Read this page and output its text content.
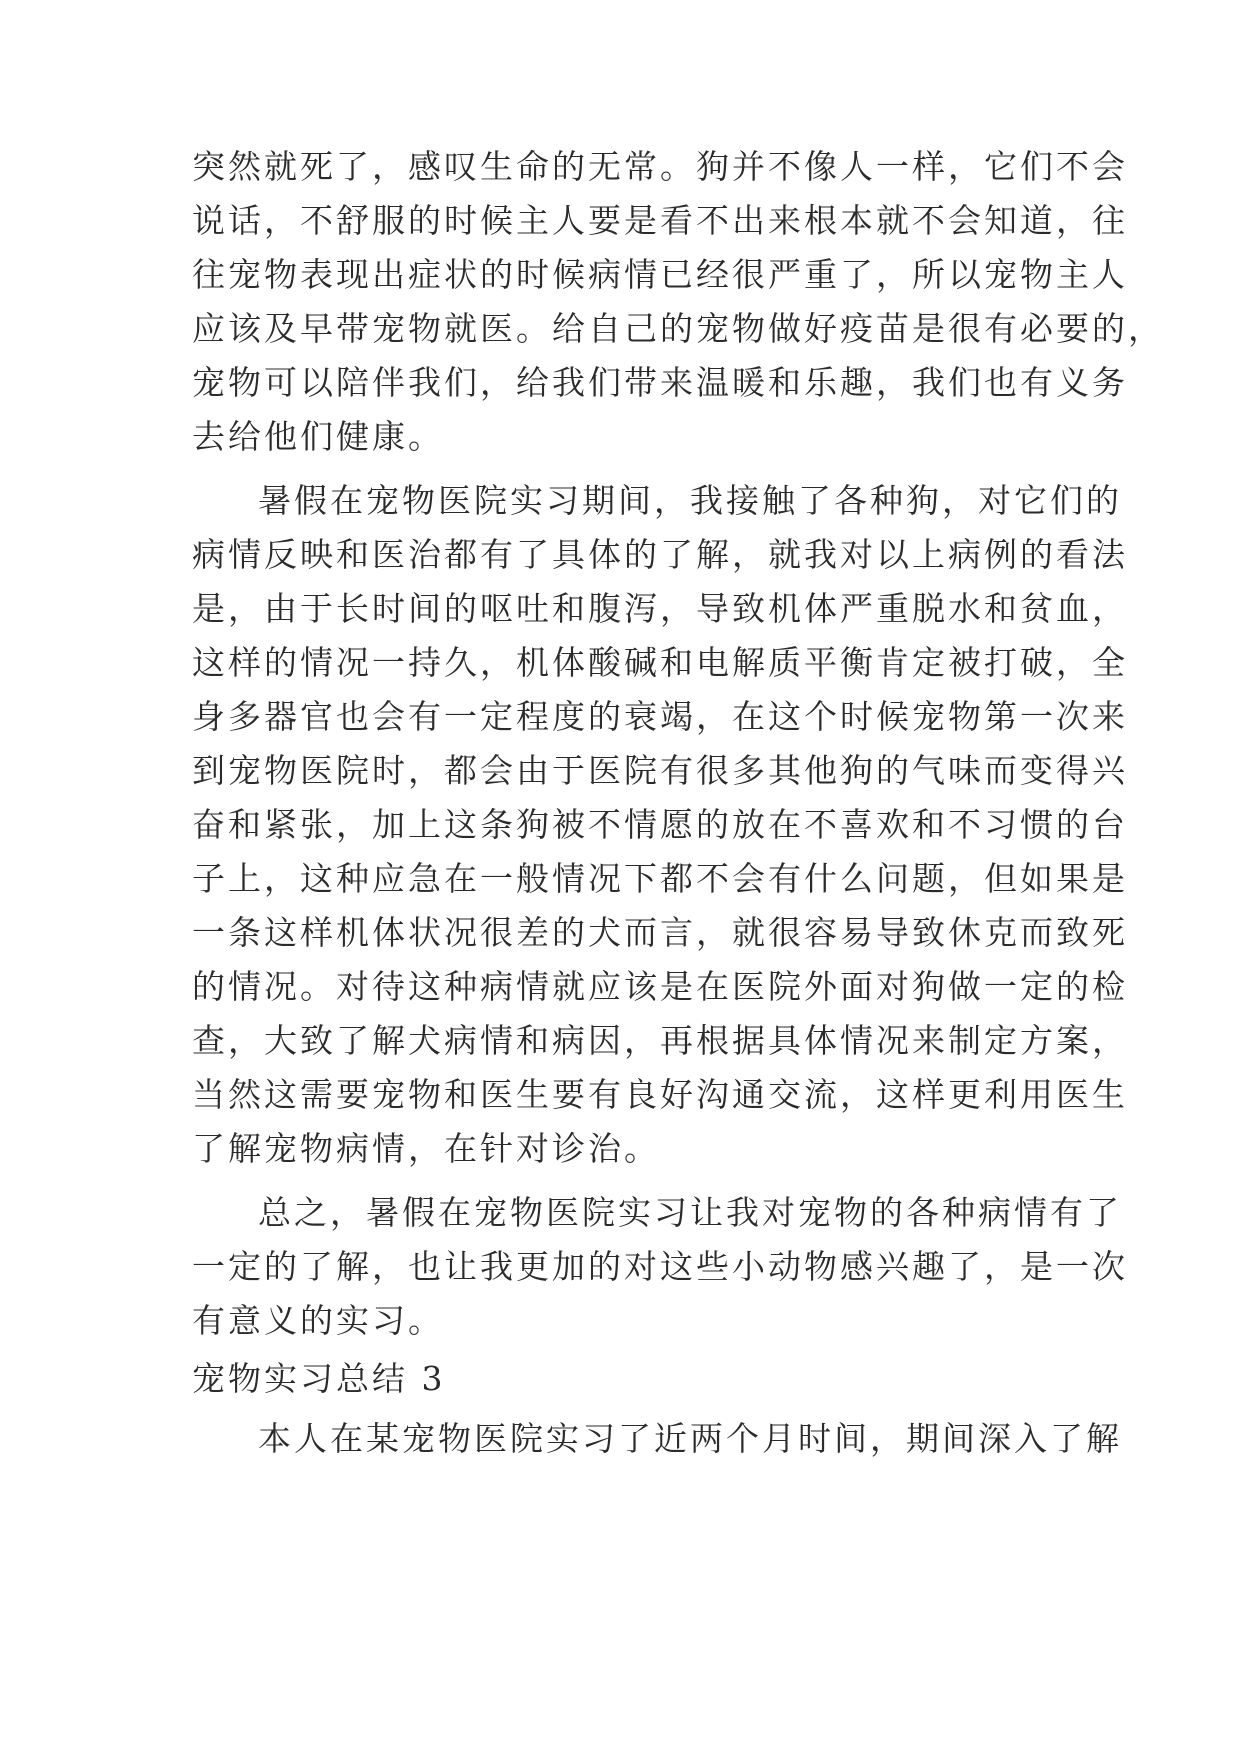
突然就死了，感叹生命的无常。狗并不像人一样，它们不会
说话，不舒服的时候主人要是看不出来根本就不会知道，往
往宠物表现出症状的时候病情已经很严重了，所以宠物主人
应该及早带宠物就医。给自己的宠物做好疫苗是很有必要的，
宠物可以陪伴我们，给我们带来温暖和乐趣，我们也有义务
去给他们健康。
暑假在宠物医院实习期间，我接触了各种狗，对它们的
病情反映和医治都有了具体的了解，就我对以上病例的看法
是，由于长时间的呕吐和腹泻，导致机体严重脱水和贫血，
这样的情况一持久，机体酸碱和电解质平衡肯定被打破，全
身多器官也会有一定程度的衰竭，在这个时候宠物第一次来
到宠物医院时，都会由于医院有很多其他狗的气味而变得兴
奋和紧张，加上这条狗被不情愿的放在不喜欢和不习惯的台
子上，这种应急在一般情况下都不会有什么问题，但如果是
一条这样机体状况很差的犬而言，就很容易导致休克而致死
的情况。对待这种病情就应该是在医院外面对狗做一定的检
查，大致了解犬病情和病因，再根据具体情况来制定方案，
当然这需要宠物和医生要有良好沟通交流，这样更利用医生
了解宠物病情，在针对诊治。
总之，暑假在宠物医院实习让我对宠物的各种病情有了
一定的了解，也让我更加的对这些小动物感兴趣了，是一次
有意义的实习。
宠物实习总结 3
本人在某宠物医院实习了近两个月时间，期间深入了解
